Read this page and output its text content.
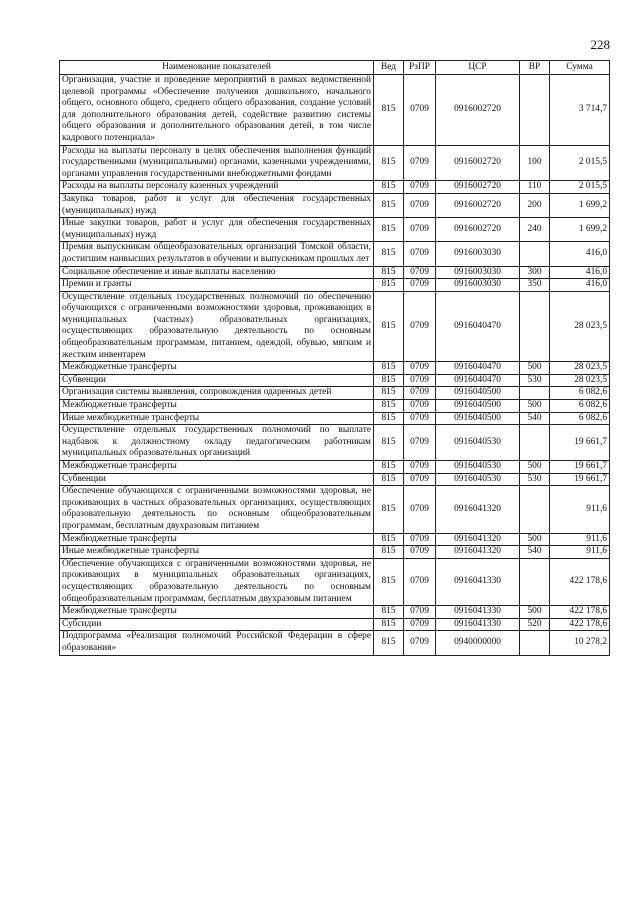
228
Наименование показателей	Вед	РзПР	ЦСР	ВР	Сумма
Организация, участие и проведение мероприятий в рамках ведомственной целевой программы «Обеспечение получения дошкольного, начального общего, основного общего, среднего общего образования, создание условий для дополнительного образования детей, содействие развитию системы общего образования и дополнительного образования детей, в том числе кадрового потенциала»	815	0709	0916002720		3 714,7
Расходы на выплаты персоналу в целях обеспечения выполнения функций государственными (муниципальными) органами, казенными учреждениями, органами управления государственными внебюджетными фондами	815	0709	0916002720	100	2 015,5
Расходы на выплаты персоналу казенных учреждений	815	0709	0916002720	110	2 015,5
Закупка товаров, работ и услуг для обеспечения государственных (муниципальных) нужд	815	0709	0916002720	200	1 699,2
Иные закупки товаров, работ и услуг для обеспечения государственных (муниципальных) нужд	815	0709	0916002720	240	1 699,2
Премия выпускникам общеобразовательных организаций Томской области, достигшим наивысших результатов в обучении и выпускникам прошлых лет	815	0709	0916003030		416,0
Социальное обеспечение и иные выплаты населению	815	0709	0916003030	300	416,0
Премии и гранты	815	0709	0916003030	350	416,0
Осуществление отдельных государственных полномочий по обеспечению обучающихся с ограниченными возможностями здоровья, проживающих в муниципальных (частных) образовательных организациях, осуществляющих образовательную деятельность по основным общеобразовательным программам, питанием, одеждой, обувью, мягким и жестким инвентарем	815	0709	0916040470		28 023,5
Межбюджетные трансферты	815	0709	0916040470	500	28 023,5
Субвенции	815	0709	0916040470	530	28 023,5
Организация системы выявления, сопровождения одаренных детей	815	0709	0916040500		6 082,6
Межбюджетные трансферты	815	0709	0916040500	500	6 082,6
Иные межбюджетные трансферты	815	0709	0916040500	540	6 082,6
Осуществление отдельных государственных полномочий по выплате надбавок к должностному окладу педагогическим работникам муниципальных образовательных организаций	815	0709	0916040530		19 661,7
Межбюджетные трансферты	815	0709	0916040530	500	19 661,7
Субвенции	815	0709	0916040530	530	19 661,7
Обеспечение обучающихся с ограниченными возможностями здоровья, не проживающих в частных образовательных организациях, осуществляющих образовательную деятельность по основным общеобразовательным программам, бесплатным двухразовым питанием	815	0709	0916041320		911,6
Межбюджетные трансферты	815	0709	0916041320	500	911,6
Иные межбюджетные трансферты	815	0709	0916041320	540	911,6
Обеспечение обучающихся с ограниченными возможностями здоровья, не проживающих в муниципальных образовательных организациях, осуществляющих образовательную деятельность по основным общеобразовательным программам, бесплатным двухразовым питанием	815	0709	0916041330		422 178,6
Межбюджетные трансферты	815	0709	0916041330	500	422 178,6
Субсидии	815	0709	0916041330	520	422 178,6
Подпрограмма «Реализация полномочий Российской Федерации в сфере образования»	815	0709	0940000000		10 278,2
